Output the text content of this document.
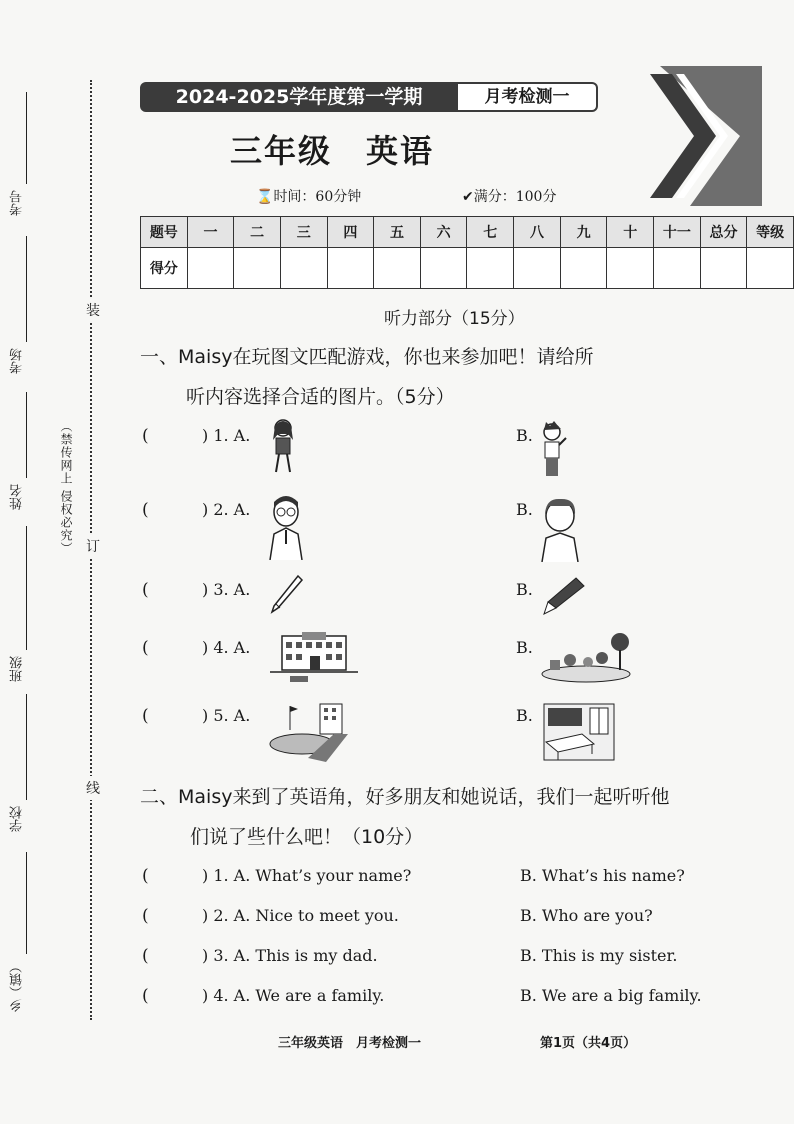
考号
考场
姓名
班级
学校
乡（镇）
装
订
线
（禁传网上 侵权必究）
2024-2025学年度第一学期	月考检测一
三年级　英语
⌛时间：60分钟	✔满分：100分
题号	一	二	三	四	五	六	七	八	九	十	十一	总分	等级
得分													
听力部分（15分）
一、Maisy在玩图文匹配游戏，你也来参加吧！请给所
听内容选择合适的图片。（5分）
(	) 1. A.	B.
(	) 2. A.	B.
(	) 3. A.	B.
(	) 4. A.	B.
(	) 5. A.	B.
二、Maisy来到了英语角，好多朋友和她说话，我们一起听听他
们说了些什么吧！（10分）
(	) 1. A. What’s your name?	B. What’s his name?
(	) 2. A. Nice to meet you.	B. Who are you?
(	) 3. A. This is my dad.	B. This is my sister.
(	) 4. A. We are a family.	B. We are a big family.
三年级英语　月考检测一	第1页（共4页）
